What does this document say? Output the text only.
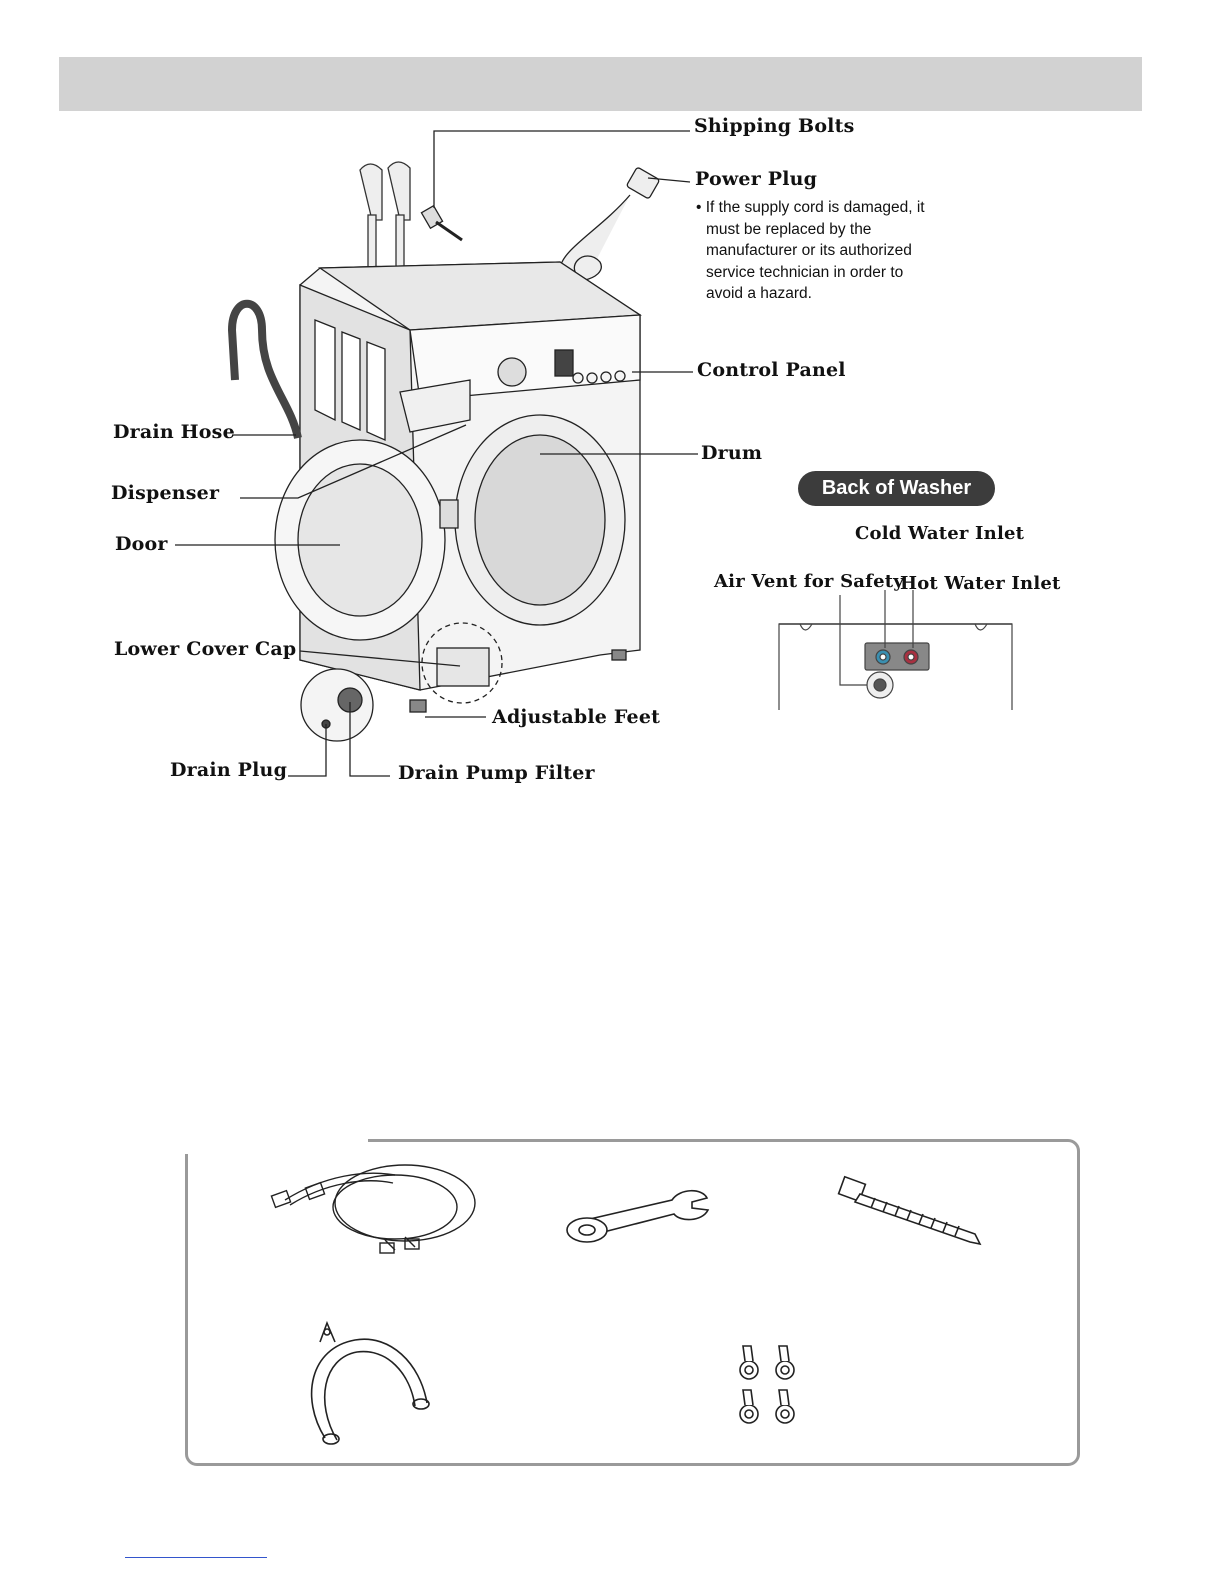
Shipping Bolts
Power Plug

• If the supply cord is damaged, it must be replaced by the manufacturer or its authorized service technician in order to avoid a hazard.

Control Panel
Drain Hose
Drum
Dispenser
Door
Lower Cover Cap
Adjustable Feet
Drain Plug	Drain Pump Filter
Back of Washer
Cold Water Inlet
Air Vent for Safety
Hot Water Inlet
